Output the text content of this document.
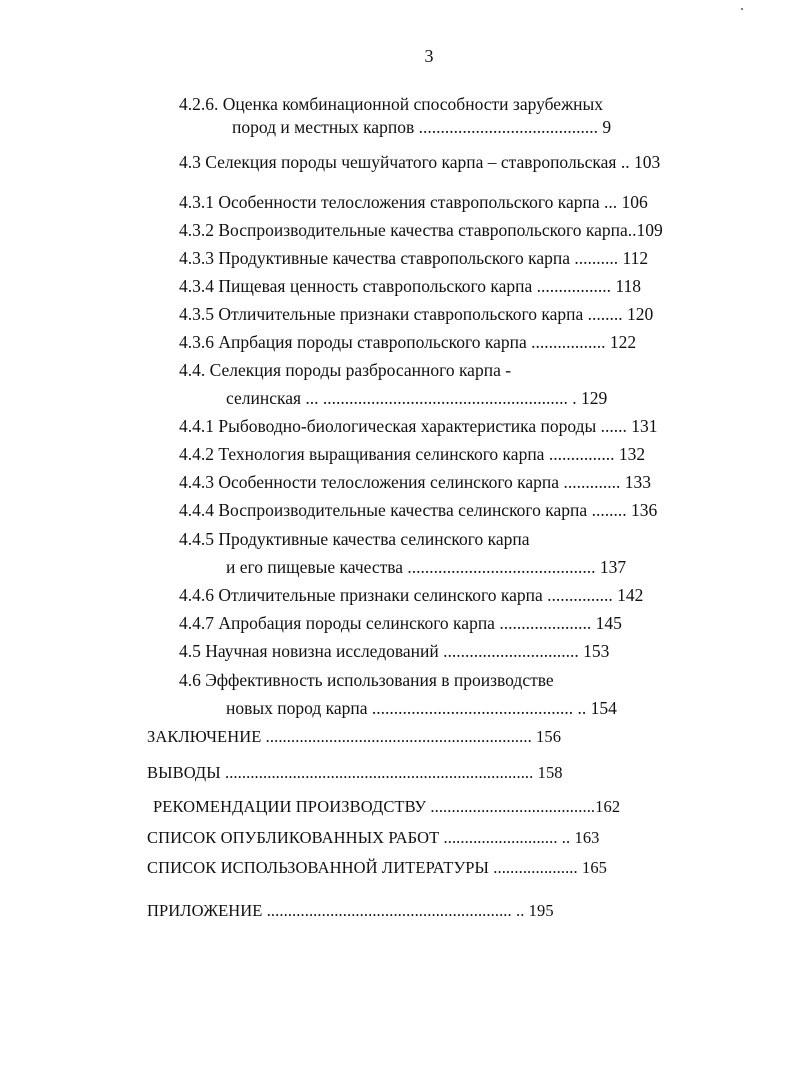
3
4.2.6. Оценка комбинационной способности зарубежных
пород и местных карпов ......................................... 9
4.3 Селекция породы чешуйчатого карпа – ставропольская .. 103
4.3.1 Особенности телосложения ставропольского карпа ... 106
4.3.2 Воспроизводительные качества ставропольского карпа..109
4.3.3 Продуктивные качества ставропольского карпа .......... 112
4.3.4 Пищевая ценность ставропольского карпа ................. 118
4.3.5 Отличительные признаки ставропольского карпа ........ 120
4.3.6 Апрбация породы ставропольского карпа ................. 122
4.4. Селекция породы разбросанного карпа -
селинская ... ........................................................ . 129
4.4.1 Рыбоводно-биологическая характеристика породы ...... 131
4.4.2 Технология выращивания селинского карпа ............... 132
4.4.3 Особенности телосложения селинского карпа ............. 133
4.4.4 Воспроизводительные качества селинского карпа ........ 136
4.4.5 Продуктивные качества селинского карпа
и его пищевые качества ........................................... 137
4.4.6 Отличительные признаки селинского карпа ............... 142
4.4.7 Апробация породы селинского карпа ..................... 145
4.5 Научная новизна исследований ............................... 153
4.6 Эффективность использования в производстве
новых пород карпа .............................................. .. 154
ЗАКЛЮЧЕНИЕ ............................................................... 156
ВЫВОДЫ ......................................................................... 158
РЕКОМЕНДАЦИИ ПРОИЗВОДСТВУ .......................................162
СПИСОК ОПУБЛИКОВАННЫХ РАБОТ ........................... .. 163
СПИСОК ИСПОЛЬЗОВАННОЙ ЛИТЕРАТУРЫ .................... 165
ПРИЛОЖЕНИЕ .......................................................... .. 195
